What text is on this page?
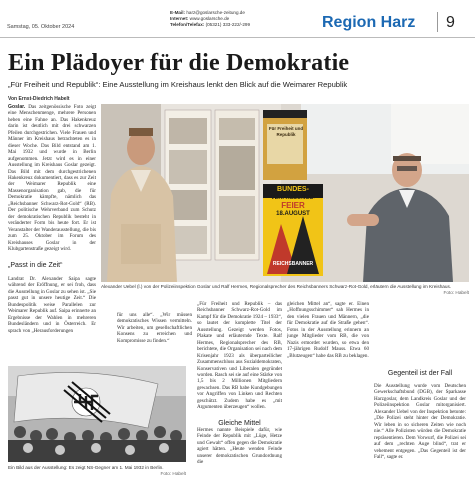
Samstag, 05. Oktober 2024
E-Mail: harz@goslarsche-zeitung.de
Internet: www.goslarsche.de
Telefon/Telefax: (05321) 333-222/-299	Region Harz 9
Ein Plädoyer für die Demokratie
„Für Freiheit und Republik“: Eine Ausstellung im Kreishaus lenkt den Blick auf die Weimarer Republik
Von Ernst-Diedrich Habelt

Goslar. Das zeitgenössische Foto zeigt eine Menschenmenge, mehrere Personen heben eine Fahne an. Das Hakenkreuz darin ist deutlich mit drei schwarzen Pfeilen durchgestrichen. Viele Frauen und Männer im Kreishaus betrachteten es in dieser Woche. Das Bild entstand am 1. Mai 1932 und wurde in Berlin aufgenommen. Jetzt wird es in einer Ausstellung im Kreishaus Goslar gezeigt. Das Bild mit dem durchgestrichenen Hakenkreuz dokumentiert, dass es zur Zeit der Weimarer Republik eine Massenorganisation gab, die für Demokratie kämpfte, nämlich das „Reichsbanner Schwarz-Rot-Gold“ (RB). Der politische Wehrverband zum Schutz der demokratischen Republik besteht in veränderter Form bis heute fort. Er ist Veranstalter der Wanderausstellung, die bis zum 25. Oktober im Forum des Kreishauses Goslar in der Klubgartenstraße gezeigt wird.

„Passt in die Zeit“

Landrat Dr. Alexander Saipa sagte während der Eröffnung, er sei froh, dass die Ausstellung in Goslar zu sehen ist. „Sie passt gut in unsere heutige Zeit.“ Die Bundespolitik weise Parallelen zur Weimarer Republik auf. Saipa erinnerte an Ergebnisse der Wahlen in mehreren Bundesländern und in Österreich. Er sprach von „Herausforderungen

BUNDES-
VERFASSUNGS-
FEIER
18.AUGUST
REICHSBANNER
Für Freiheit und Republik
Alexander Uebel (l.) von der Polizeiinspektion Goslar und Ralf Hermes, Regionalsprecher des Reichsbanners Schwarz-Rot-Gold, erläutern die Ausstellung im Kreishaus.
Foto: Habelt

für uns alle“. „Wir müssen demokratisches Wissen vermitteln. Wir arbeiten, um gesellschaftlichen Konsens zu erreichen und Kompromisse zu finden.“

Ein Bild aus der Ausstellung: Es zeigt NS-Gegner am 1. Mai 1932 in Berlin.
Foto: Habelt

„Für Freiheit und Republik – das Reichsbanner Schwarz-Rot-Gold im Kampf für die Demokratie 1924 – 1933“, so lautet der komplette Titel der Ausstellung. Gezeigt werden Fotos, Plakate und erläuternde Texte. Ralf Hermes, Regionalsprecher des RB, berichtete, die Organisation sei nach dem Krisenjahr 1923 als überparteilicher Zusammenschluss aus Sozialdemokraten, Konservativen und Liberalen gegründet worden. Rasch sei sie auf eine Stärke von 1,5 bis 2 Millionen Mitgliedern gewachsen. Das RB habe Kundgebungen vor Angriffen von Linken und Rechten geschützt. Zudem habe es „mit Argumenten überzeugen“ wollen.

Hermes nannte Beispiele dafür, wie Feinde der Republik mit „Lüge, Hetze und Gewalt“ offen gegen die Demokratie agiert hätten. „Heute wenden Feinde unserer demokratischen Grundordnung die

Gleiche Mittel

gleichen Mittel an“, sagte er. Einen „Hoffnungsschimmer“ sah Hermes in den vielen Frauen und Männern, „die für Demokratie auf die Straße gehen“. Fotos in der Ausstellung erinnern an junge Mitglieder vom RB, die von Nazis ermordet wurden, so etwa den 17-jährigen Rudolf Mauss. Etwa 60 „Blutzeugen“ habe das RB zu beklagen.

Die Ausstellung wurde vom Deutschen Gewerkschaftsbund (DGB), der Sparkasse Harzgoslar, dem Landkreis Goslar und der Polizeiinspektion Goslar mitorganisiert. Alexander Uebel von der Inspektion betonte: „Die Polizei steht hinter der Demokratie. Wir leben in so sicheren Zeiten wie noch nie.“ Alle Polizisten würden die Demokratie repräsentieren. Dem Vorwurf, die Polizei sei auf dem „rechten Auge blind“, trat er vehement entgegen. „Das Gegenteil ist der Fall“, sagte er.

Gegenteil ist der Fall
